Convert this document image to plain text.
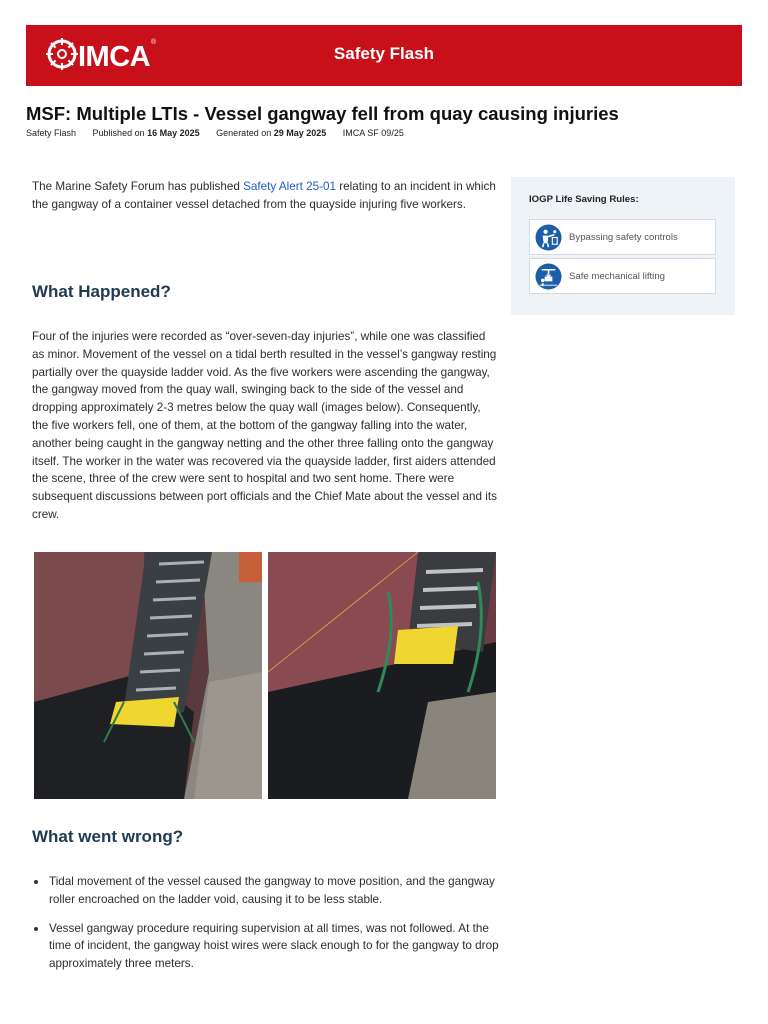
IMCA ®
Safety Flash
MSF: Multiple LTIs - Vessel gangway fell from quay causing injuries
Safety Flash Published on 16 May 2025 Generated on 29 May 2025 IMCA SF 09/25

The Marine Safety Forum has published Safety Alert 25-01 relating to an incident in which the gangway of a container vessel detached from the quayside injuring five workers.

What Happened?

Four of the injuries were recorded as “over-seven-day injuries”, while one was classified as minor. Movement of the vessel on a tidal berth resulted in the vessel’s gangway resting partially over the quayside ladder void. As the five workers were ascending the gangway, the gangway moved from the quay wall, swinging back to the side of the vessel and dropping approximately 2-3 metres below the quay wall (images below). Consequently, the five workers fell, one of them, at the bottom of the gangway falling into the water, another being caught in the gangway netting and the other three falling onto the gangway itself. The worker in the water was recovered via the quayside ladder, first aiders attended the scene, three of the crew were sent to hospital and two sent home. There were subsequent discussions between port officials and the Chief Mate about the vessel and its crew.

What went wrong?
Tidal movement of the vessel caused the gangway to move position, and the gangway roller encroached on the ladder void, causing it to be less stable.
Vessel gangway procedure requiring supervision at all times, was not followed. At the time of incident, the gangway hoist wires were slack enough to for the gangway to drop approximately three meters.
IOGP Life Saving Rules:
Bypassing safety controls
Safe mechanical lifting
